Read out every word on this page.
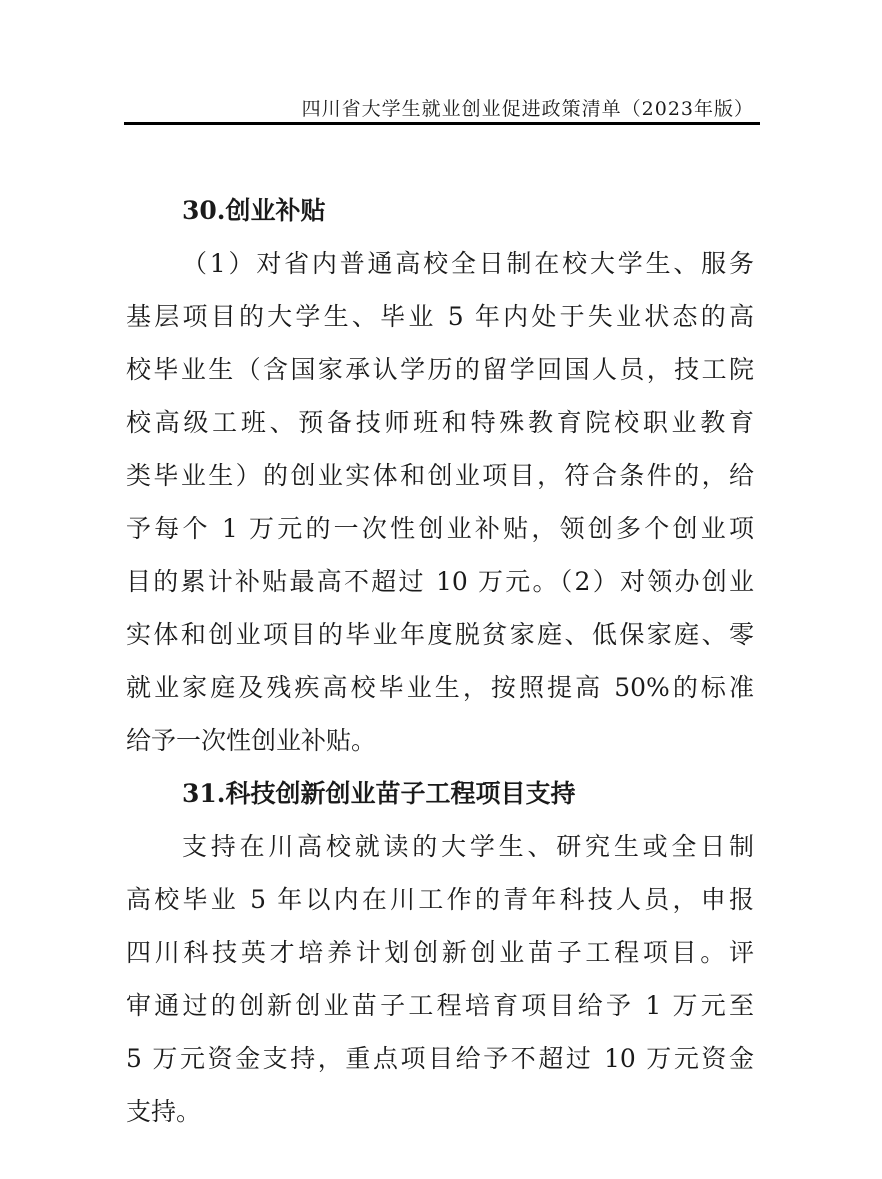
四川省大学生就业创业促进政策清单（2023年版）
30.创业补贴
（1）对省内普通高校全日制在校大学生、服务
基层项目的大学生、毕业 5 年内处于失业状态的高
校毕业生（含国家承认学历的留学回国人员，技工院
校高级工班、预备技师班和特殊教育院校职业教育
类毕业生）的创业实体和创业项目，符合条件的，给
予每个 1 万元的一次性创业补贴，领创多个创业项
目的累计补贴最高不超过 10 万元。（2）对领办创业
实体和创业项目的毕业年度脱贫家庭、低保家庭、零
就业家庭及残疾高校毕业生，按照提高 50%的标准
给予一次性创业补贴。
31.科技创新创业苗子工程项目支持
支持在川高校就读的大学生、研究生或全日制
高校毕业 5 年以内在川工作的青年科技人员，申报
四川科技英才培养计划创新创业苗子工程项目。评
审通过的创新创业苗子工程培育项目给予 1 万元至
5 万元资金支持，重点项目给予不超过 10 万元资金
支持。
